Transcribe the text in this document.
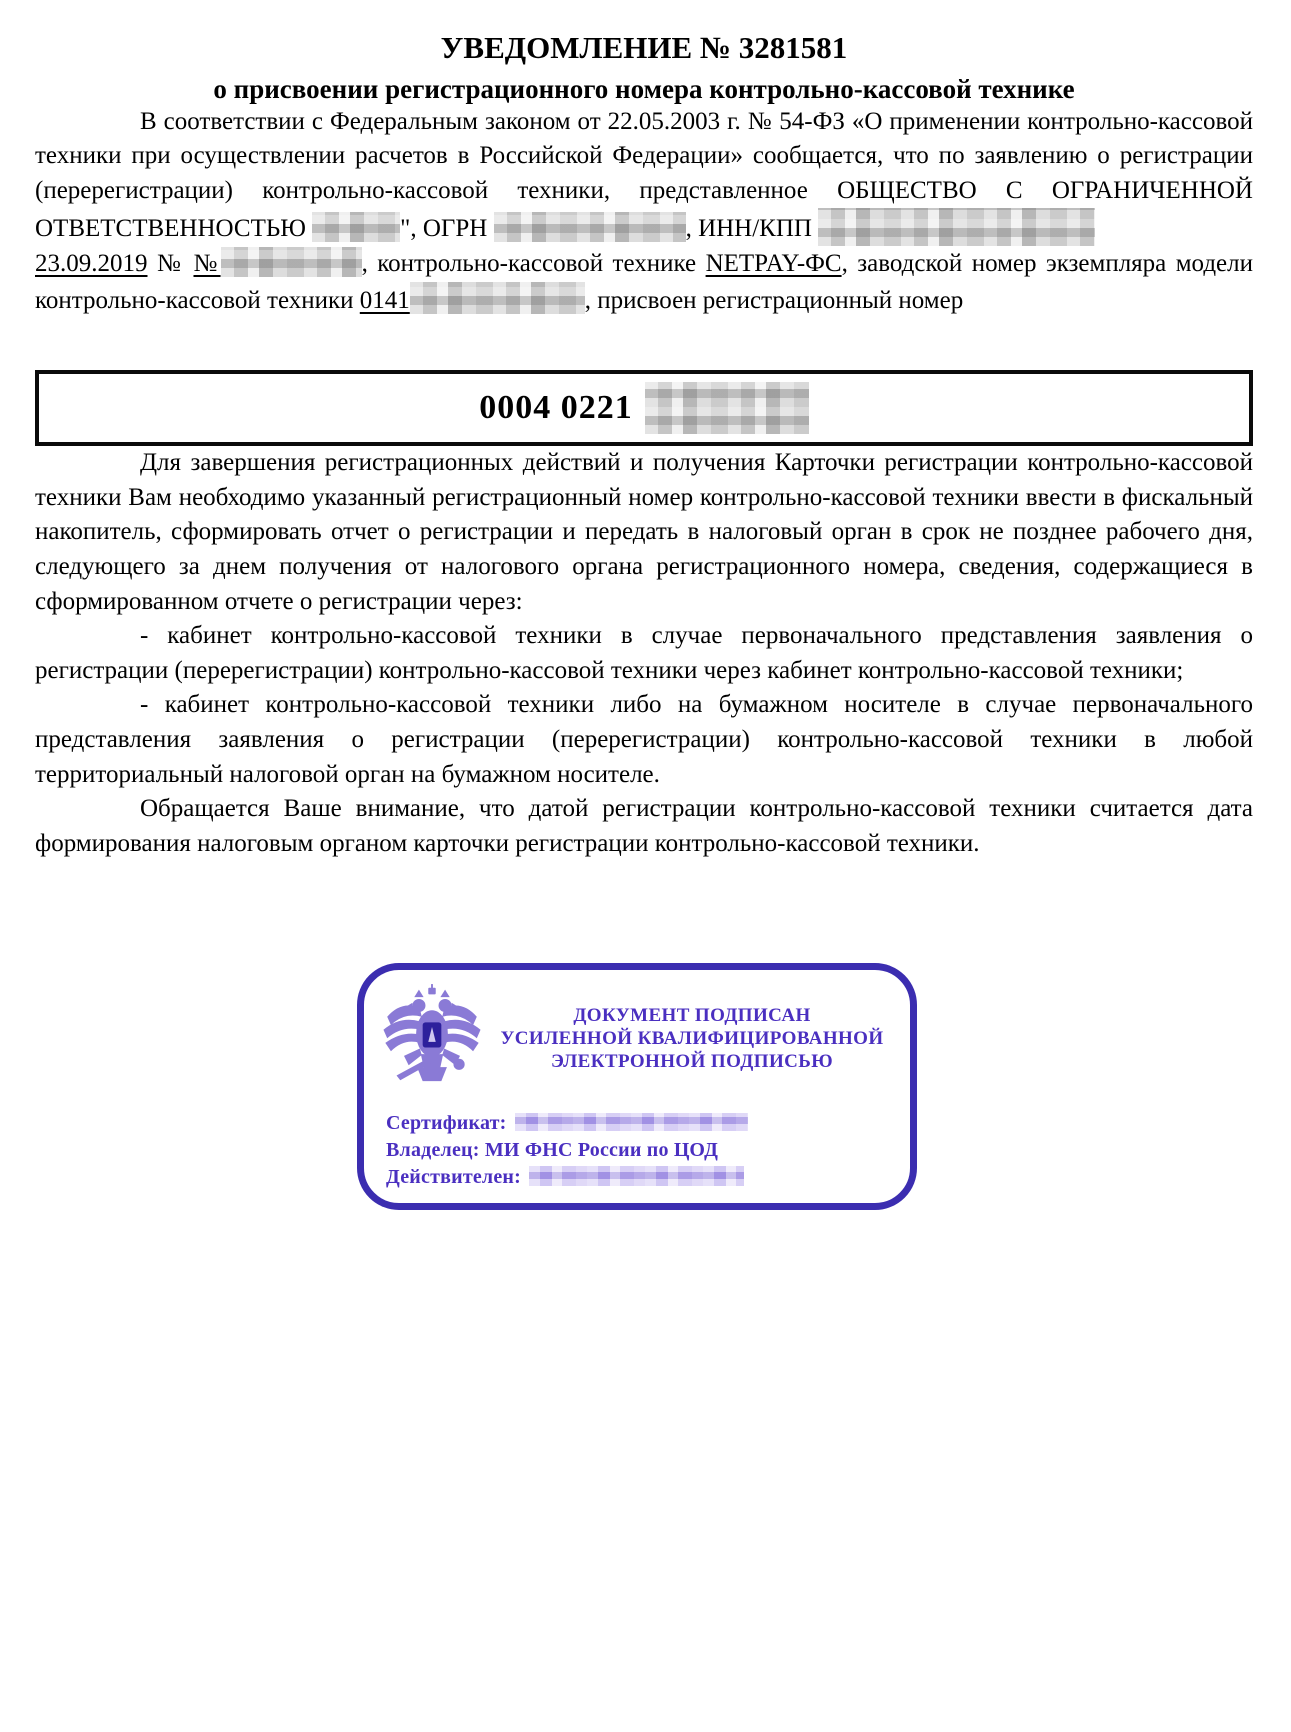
УВЕДОМЛЕНИЕ № 3281581
о присвоении регистрационного номера контрольно-кассовой технике

В соответствии с Федеральным законом от 22.05.2003 г. № 54-ФЗ «О применении контрольно-кассовой техники при осуществлении расчетов в Российской Федерации» сообщается, что по заявлению о регистрации (перерегистрации) контрольно-кассовой техники, представленное ОБЩЕСТВО С ОГРАНИЧЕННОЙ ОТВЕТСТВЕННОСТЬЮ	", ОГРН	, ИНН/КПП

23.09.2019 № №	, контрольно-кассовой технике NETPAY-ФС, заводской номер экземпляра модели контрольно-кассовой техники 0141	, присвоен регистрационный номер

0004 0221

Для завершения регистрационных действий и получения Карточки регистрации контрольно-кассовой техники Вам необходимо указанный регистрационный номер контрольно-кассовой техники ввести в фискальный накопитель, сформировать отчет о регистрации и передать в налоговый орган в срок не позднее рабочего дня, следующего за днем получения от налогового органа регистрационного номера, сведения, содержащиеся в сформированном отчете о регистрации через:

- кабинет контрольно-кассовой техники в случае первоначального представления заявления о регистрации (перерегистрации) контрольно-кассовой техники через кабинет контрольно-кассовой техники;

- кабинет контрольно-кассовой техники либо на бумажном носителе в случае первоначального представления заявления о регистрации (перерегистрации) контрольно-кассовой техники в любой территориальный налоговой орган на бумажном носителе.

Обращается Ваше внимание, что датой регистрации контрольно-кассовой техники считается дата формирования налоговым органом карточки регистрации контрольно-кассовой техники.

ДОКУМЕНТ ПОДПИСАН
УСИЛЕННОЙ КВАЛИФИЦИРОВАННОЙ
ЭЛЕКТРОННОЙ ПОДПИСЬЮ
Сертификат:
Владелец: МИ ФНС России по ЦОД
Действителен:
